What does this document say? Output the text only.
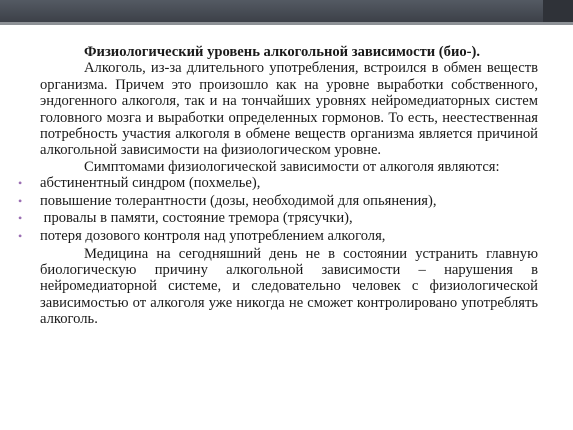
Физиологический уровень алкогольной зависимости (био-).

Алкоголь, из-за длительного употребления, встроился в обмен веществ организма. Причем это произошло как на уровне выработки собственного, эндогенного алкоголя, так и на тончайших уровнях нейромедиаторных систем головного мозга и выработки определенных гормонов. То есть, неестественная потребность участия алкоголя в обмене веществ организма является причиной алкогольной зависимости на физиологическом уровне.

Симптомами физиологической зависимости от алкоголя являются:

• абстинентный синдром (похмелье),
• повышение толерантности (дозы, необходимой для опьянения),
• провалы в памяти, состояние тремора (трясучки),
• потеря дозового контроля над употреблением алкоголя,

Медицина на сегодняшний день не в состоянии устранить главную биологическую причину алкогольной зависимости – нарушения в нейромедиаторной системе, и следовательно человек с физиологической зависимостью от алкоголя уже никогда не сможет контролировано употреблять алкоголь.
